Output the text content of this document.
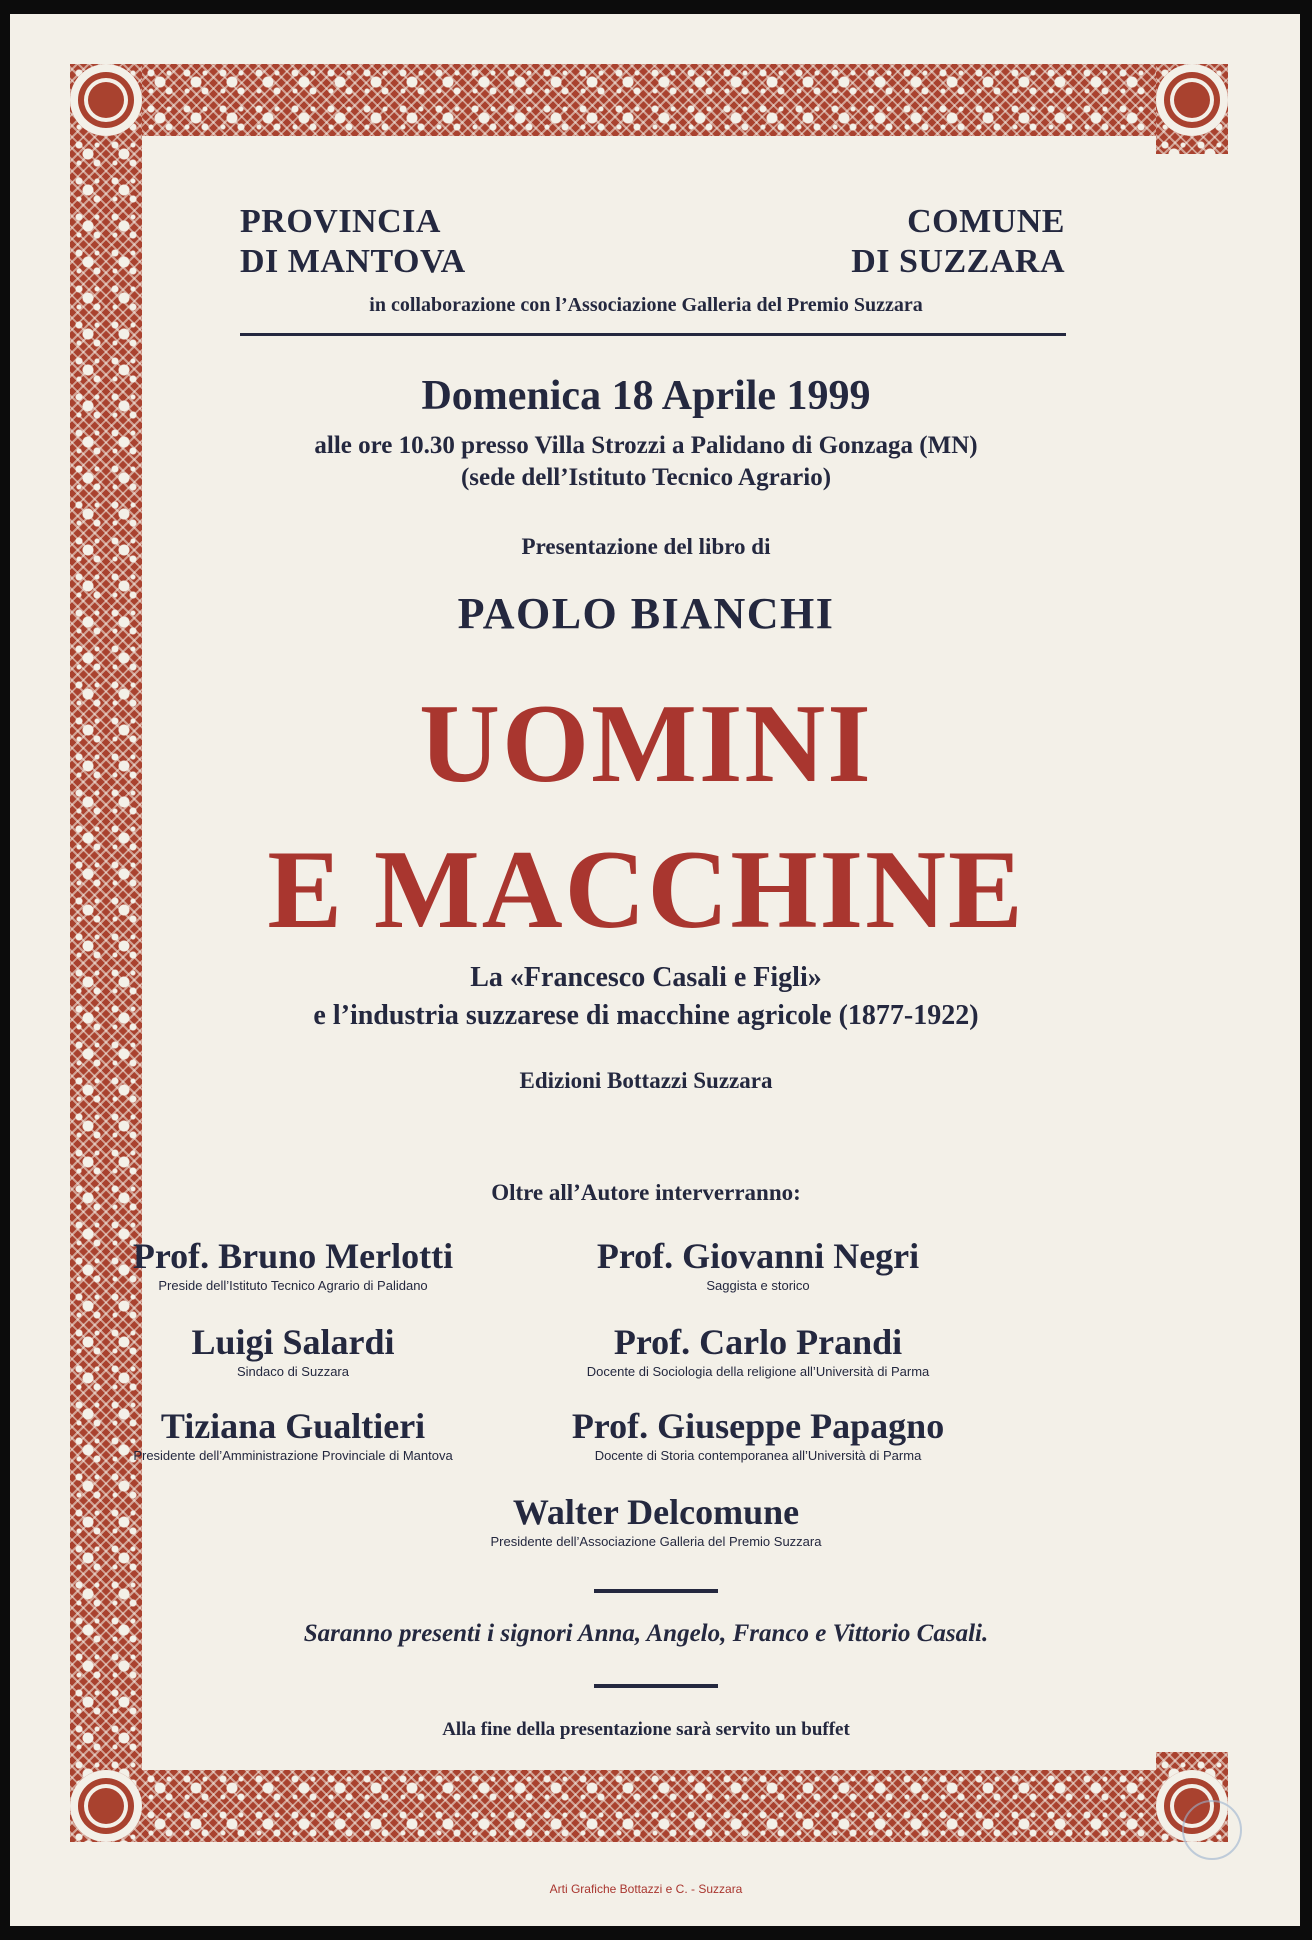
PROVINCIA
DI MANTOVA
COMUNE
DI SUZZARA
in collaborazione con l’Associazione Galleria del Premio Suzzara
Domenica 18 Aprile 1999
alle ore 10.30 presso Villa Strozzi a Palidano di Gonzaga (MN)
(sede dell’Istituto Tecnico Agrario)
Presentazione del libro di
PAOLO BIANCHI
UOMINI
E MACCHINE
La «Francesco Casali e Figli»
e l’industria suzzarese di macchine agricole (1877-1922)
Edizioni Bottazzi Suzzara
Oltre all’Autore interverranno:
Prof. Bruno Merlotti
Preside dell’Istituto Tecnico Agrario di Palidano
Prof. Giovanni Negri
Saggista e storico
Luigi Salardi
Sindaco di Suzzara
Prof. Carlo Prandi
Docente di Sociologia della religione all’Università di Parma
Tiziana Gualtieri
Presidente dell’Amministrazione Provinciale di Mantova
Prof. Giuseppe Papagno
Docente di Storia contemporanea all’Università di Parma
Walter Delcomune
Presidente dell’Associazione Galleria del Premio Suzzara
Saranno presenti i signori Anna, Angelo, Franco e Vittorio Casali.
Alla fine della presentazione sarà servito un buffet
Arti Grafiche Bottazzi e C. - Suzzara
